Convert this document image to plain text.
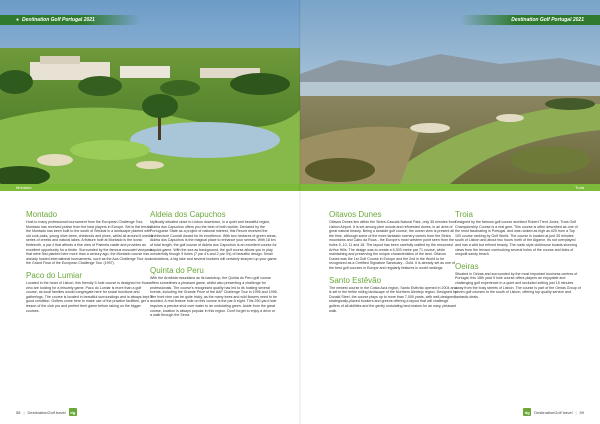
● Destination Golf Portugal 2021	Destination Golf Portugal 2021
Montado	Troia
Montado

Host to many professional tournament from the European Challenge Tour, Montado has received praise from the best players in Europe. Set in flat terrain, the Montado has been built to the south of Setúbal in a landscape planted with old cork-oaks, young olive-trees, chestnuts and pines, whilst all around it used a series of creeks and natural lakes. A feature hole at Montado is the iconic thirteenth, a par 4 that affords a fine view of Palmela castle and provides an excellent opportunity for a birdie. Surrounded by the famous muscatel vineyards that were first planted here more than a century ago, the Montado course has already hosted international tournaments, such as the Aza Challenge Tour and the Grand Final of the European Challenge Tour (1997).

Paco do Lumiar

Located in the heart of Lisbon, this friendly 9-hole course is designed for those who are looking for a leisurely game. Paco do Lumiar is more than a golf course, as local families would congregate here for social functions and gatherings. The course is located in beautiful surroundings and is always kept in good condition. Golfers come here to make use of the practice facilities, get a lesson of the club pro and perfect their game before taking on the bigger courses.

Aldeia dos Capuchos

Idyllically situated close to Lisbon downtown, in a quiet and beautiful region, Aldeia dos Capuchos offers you the best of both worlds. Declared by the Portuguese State as a project of national interest, this Resort received the Architecture Council Award for its excellence. With two hectares of green areas, Aldeia dos Capuchos is the magical place to enhance your senses. With 18 km of total length, the golf course of Aldeia dos Capuchos is an excellent course for a quick game. With the sea as background, the golf course allows you to play wonderfully though 9 holes (7 par 4's and 2 par 4's) of beautiful design. Small undulations, a big lake and several bunkers will certainly sharpen up your game.

Quinta do Peru

With the Arrábida mountains as its backdrop, the Quinta do Peru golf course offers sometimes a pleasant game, whilst also presenting a challenge for professionals. The course's recognised quality has led to its hosting several events, including the Grande Prize of the AAF Challenge Tour in 1995 and 1996. The front nine can be quite tricky, as the many trees and wild flowers need to be avoided. A real feature hole on this course is the par-5 eight. This 290-yard hole requires a precise shot over water to an undulating green. Aside from the great course, location is always popular in this region. Don't forget to enjoy a drive or a walk through the Serra.

Oitavos Dunes

Oitavos Dunes lies within the Sintra-Cascais Natural Park, only 35 minutes from Lisbon Airport. It is set among pine woods and reforested dunes, in an area of great natural beauty. Being a seaside golf course, the ocean view is present all the time, although some of the more fantastic scenery comes from the Sintra mountains and Cabo da Roca - the Europe's most western point seen from the holes 9, 10, 11 and 18. The layout has been carefully crafted by the renowned Arthur Hills. The design was to create a 6,303 metre par 71 course, while maintaining and preserving the unique characteristics of the land. Oitavos Dunes was the 1st Golf Course in Europe and the 2nd in the World to be recognized as a Certified Signature Sanctuary - Gold. It is already set as one of the best golf courses in Europe and regularly features in world rankings.

Santo Estêvão

The newest course in the Costa Azul region, Santo Estêvão opened in 2004 and is set in the fertile rolling landscape of the Northern Alentejo region. Designed by Donald Steel, the course plays up to more than 7,000 yards, with well-designed, strategically-placed bunkers and greens offering a layout that will challenge golfers of all abilities and the gently undulating land makes for an easy, pleasant walk.

Troia

Designed by the famous golf course architect Robert Trent Jones, Troia Golf Championship Course is a real gem. This course is often described as one of the most fascinating in Portugal, and was ranked as high as #25 from a Top 100 course ranking by Golf World. The course is located at just 35 minutes south of Lisbon and about two hours north of the Algarve. Its not overplayed and has a wild but refined beauty. The rustic style clubhouse boasts stunning views from the terrace overlooking several holes of the course and tides of unspoilt sandy beach.

Oeiras

Situated in Oeiras and surrounded by the most important business centres of Portugal, this 18th yard 9 hole course offers players an enjoyable and challenging golf experience in a quiet and secluded setting just 15 minutes away from the busy streets of Lisbon. The course is part of the Oeiras Group of seven golf courses to the south of Lisbon, offering top quality service and fantastic deals.

58 | DestinationGolf travel	dg	dg	DestinationGolf travel | 59
